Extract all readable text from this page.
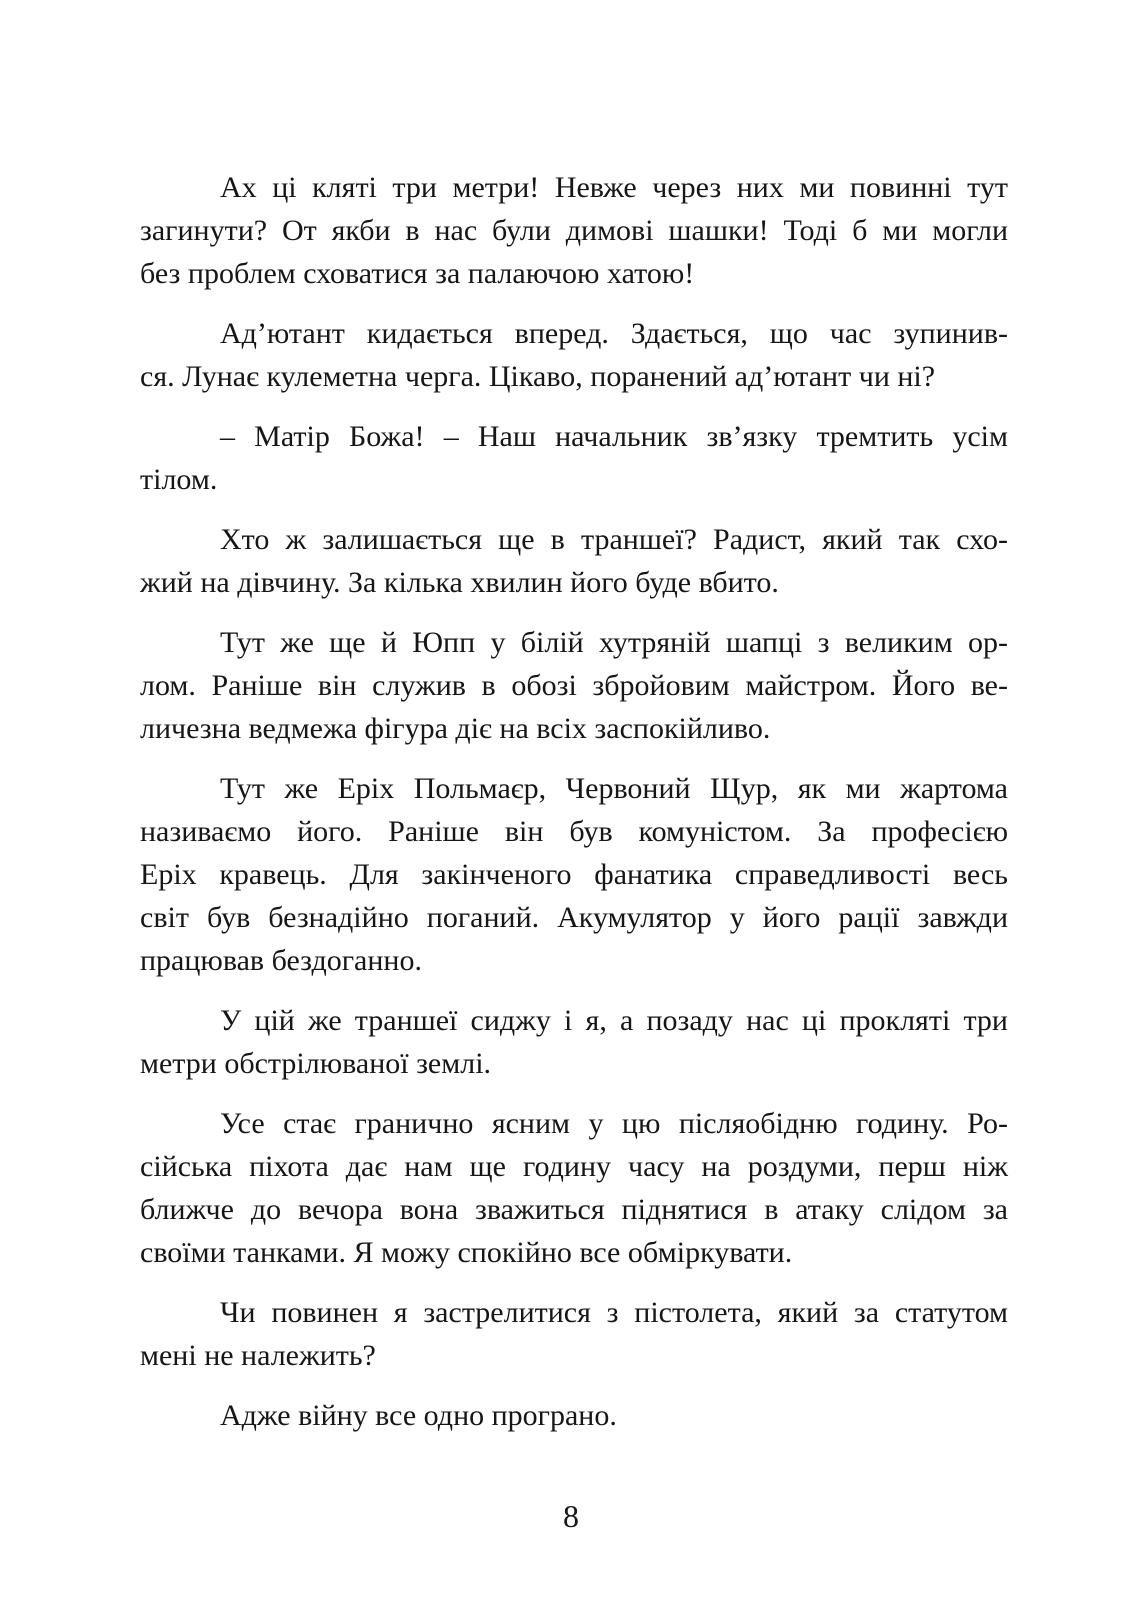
Ах ці кляті три метри! Невже через них ми повинні тут
загинути? От якби в нас були димові шашки! Тоді б ми могли
без проблем сховатися за палаючою хатою!

Ад’ютант кидається вперед. Здається, що час зупинив-
ся. Лунає кулеметна черга. Цікаво, поранений ад’ютант чи ні?

– Матір Божа! – Наш начальник зв’язку тремтить усім
тілом.

Хто ж залишається ще в траншеї? Радист, який так схо-
жий на дівчину. За кілька хвилин його буде вбито.

Тут же ще й Юпп у білій хутряній шапці з великим ор-
лом. Раніше він служив в обозі збройовим майстром. Його ве-
личезна ведмежа фігура діє на всіх заспокійливо.

Тут же Еріх Польмаєр, Червоний Щур, як ми жартома
називаємо його. Раніше він був комуністом. За професією
Еріх кравець. Для закінченого фанатика справедливості весь
світ був безнадійно поганий. Акумулятор у його рації завжди
працював бездоганно.

У цій же траншеї сиджу і я, а позаду нас ці прокляті три
метри обстрілюваної землі.

Усе стає гранично ясним у цю післяобідню годину. Ро-
сійська піхота дає нам ще годину часу на роздуми, перш ніж
ближче до вечора вона зважиться піднятися в атаку слідом за
своїми танками. Я можу спокійно все обміркувати.

Чи повинен я застрелитися з пістолета, який за статутом
мені не належить?

Адже війну все одно програно.

8
